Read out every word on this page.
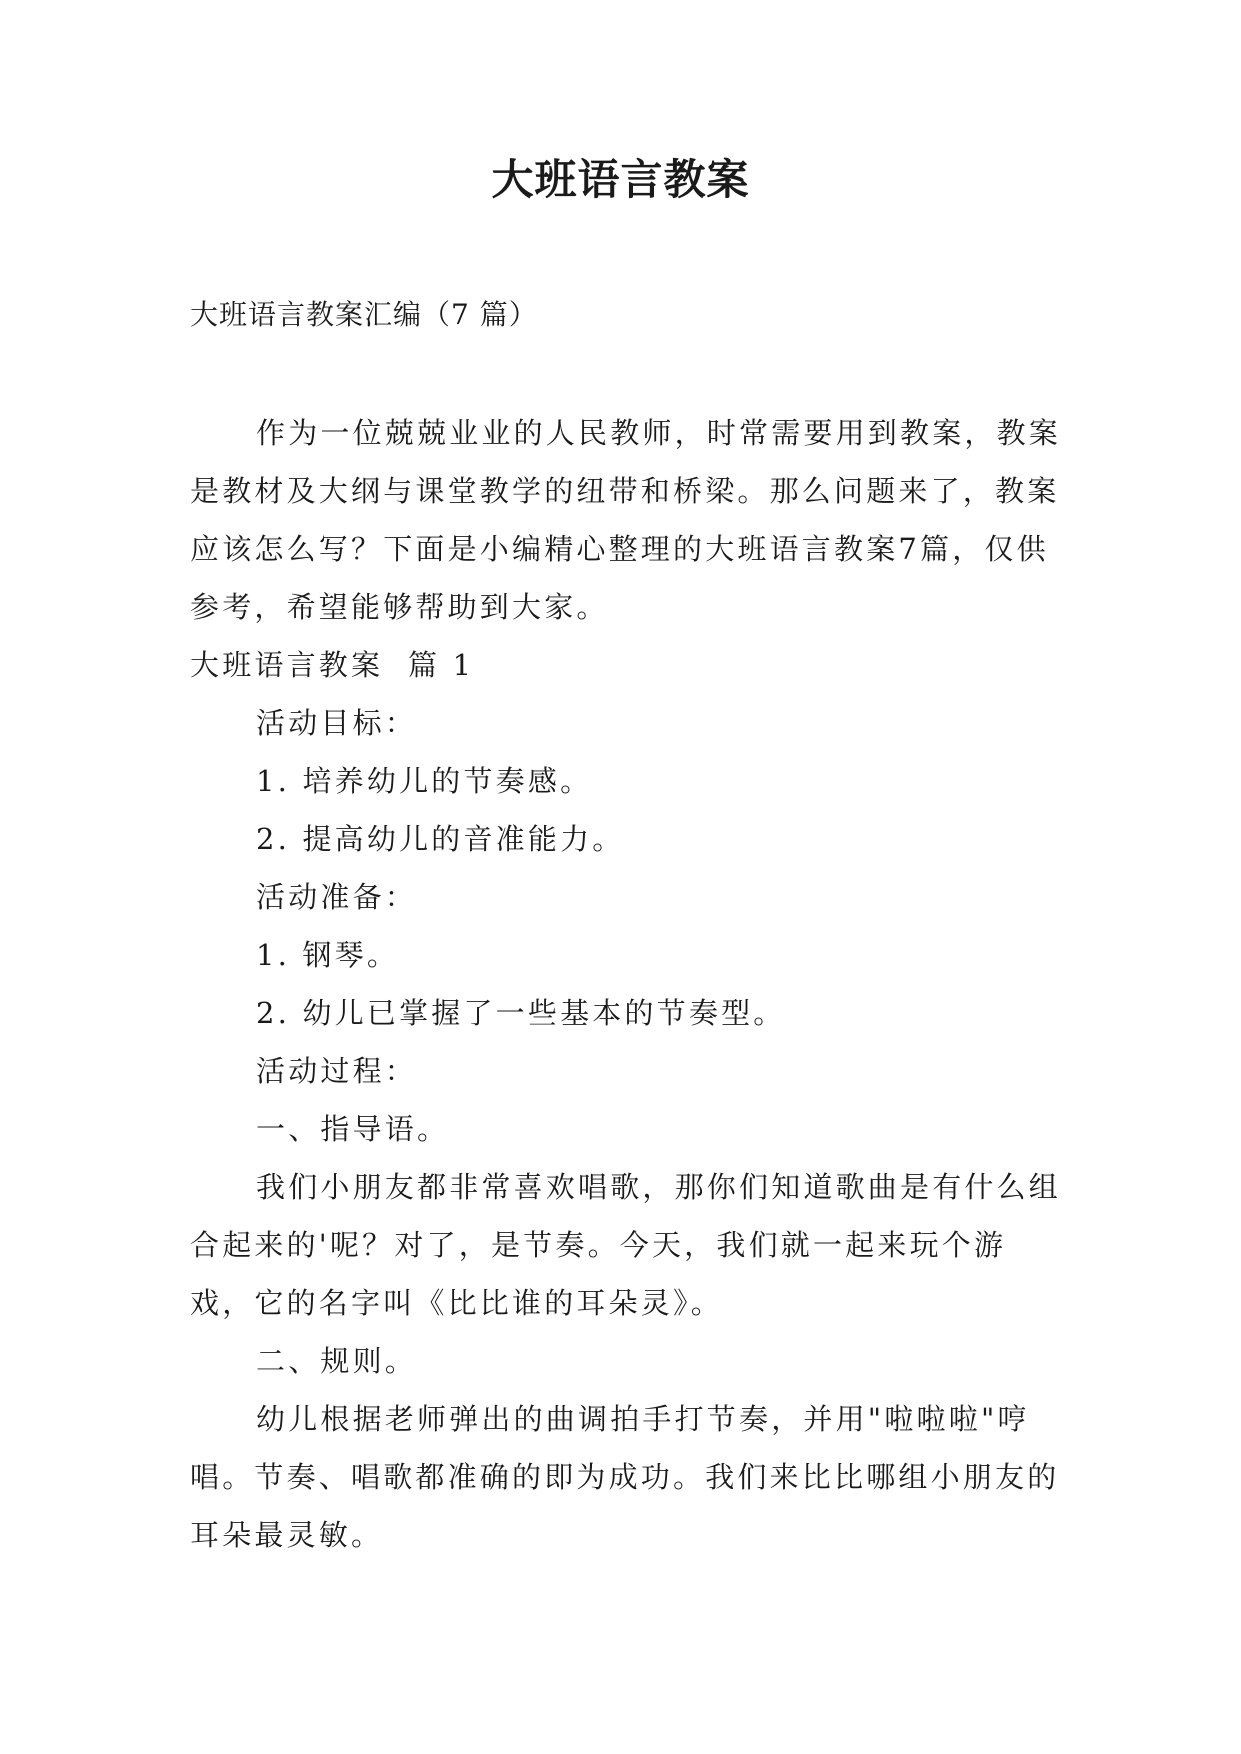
大班语言教案

大班语言教案汇编（7 篇）

作为一位兢兢业业的人民教师，时常需要用到教案，教案是教材及大纲与课堂教学的纽带和桥梁。那么问题来了，教案应该怎么写？下面是小编精心整理的大班语言教案7篇，仅供参考，希望能够帮助到大家。

大班语言教案  篇 1

活动目标：

1. 培养幼儿的节奏感。

2. 提高幼儿的音准能力。

活动准备：

1. 钢琴。

2. 幼儿已掌握了一些基本的节奏型。

活动过程：

一、指导语。

我们小朋友都非常喜欢唱歌，那你们知道歌曲是有什么组合起来的'呢？对了，是节奏。今天，我们就一起来玩个游戏，它的名字叫《比比谁的耳朵灵》。

二、规则。

幼儿根据老师弹出的曲调拍手打节奏，并用"啦啦啦"哼唱。节奏、唱歌都准确的即为成功。我们来比比哪组小朋友的耳朵最灵敏。
